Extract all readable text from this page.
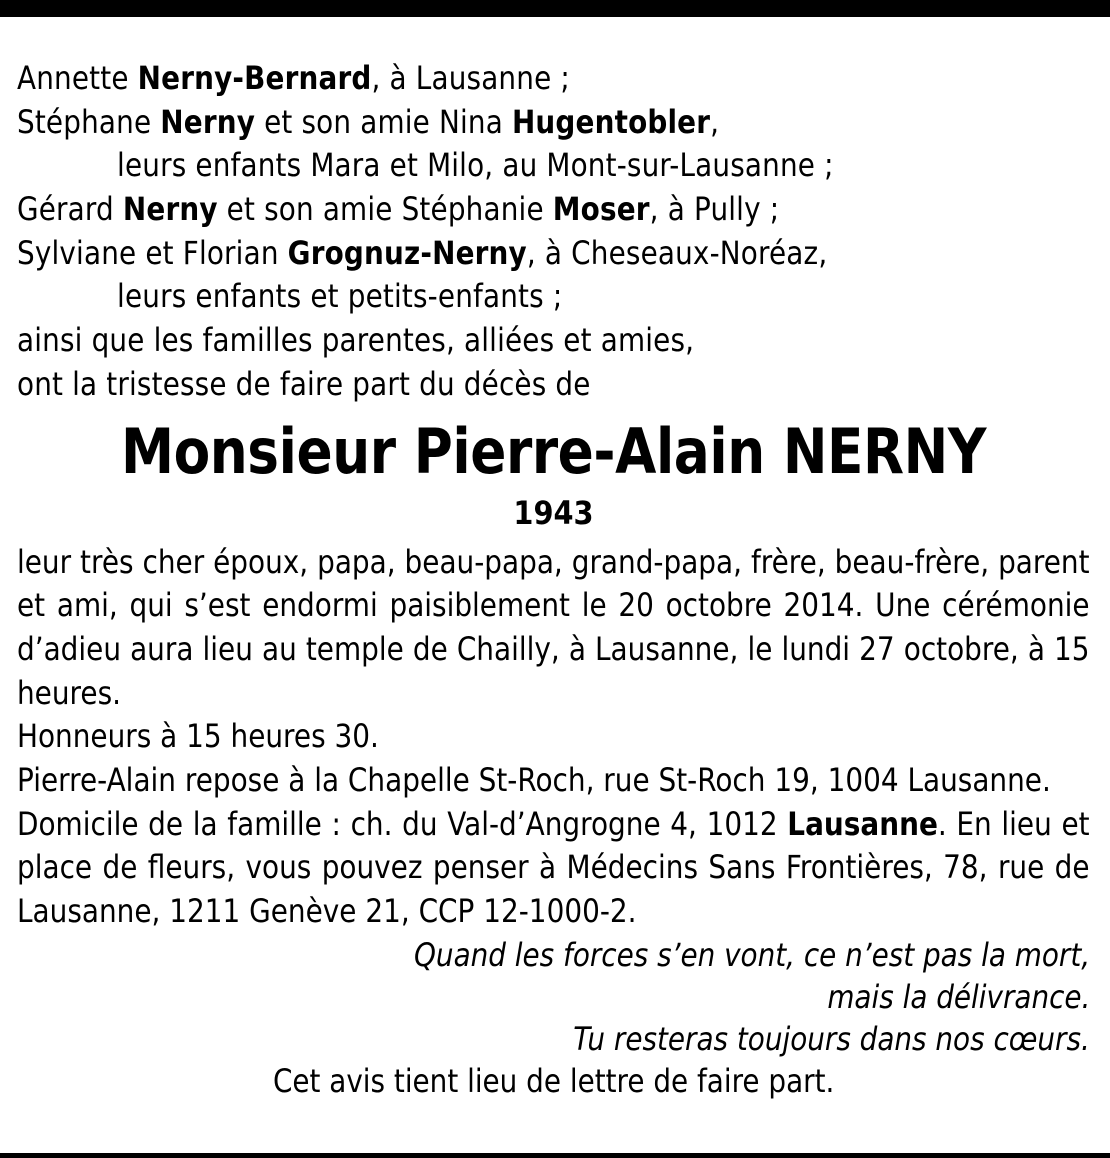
Annette Nerny-Bernard, à Lausanne ;
Stéphane Nerny et son amie Nina Hugentobler,
leurs enfants Mara et Milo, au Mont-sur-Lausanne ;
Gérard Nerny et son amie Stéphanie Moser, à Pully ;
Sylviane et Florian Grognuz-Nerny, à Cheseaux-Noréaz,
leurs enfants et petits-enfants ;
ainsi que les familles parentes, alliées et amies,
ont la tristesse de faire part du décès de
Monsieur Pierre-Alain NERNY
1943

leur très cher époux, papa, beau-papa, grand-papa, frère, beau-frère, parent et ami, qui s’est endormi paisiblement le 20 octobre 2014. Une cérémonie d’adieu aura lieu au temple de Chailly, à Lausanne, le lundi 27 octobre, à 15 heures.

Honneurs à 15 heures 30.

Pierre-Alain repose à la Chapelle St-Roch, rue St-Roch 19, 1004 Lausanne.

Domicile de la famille : ch. du Val-d’Angrogne 4, 1012 Lausanne. En lieu et place de fleurs, vous pouvez penser à Médecins Sans Frontières, 78, rue de Lausanne, 1211 Genève 21, CCP 12-1000-2.

Quand les forces s’en vont, ce n’est pas la mort,
mais la délivrance.
Tu resteras toujours dans nos cœurs.
Cet avis tient lieu de lettre de faire part.
